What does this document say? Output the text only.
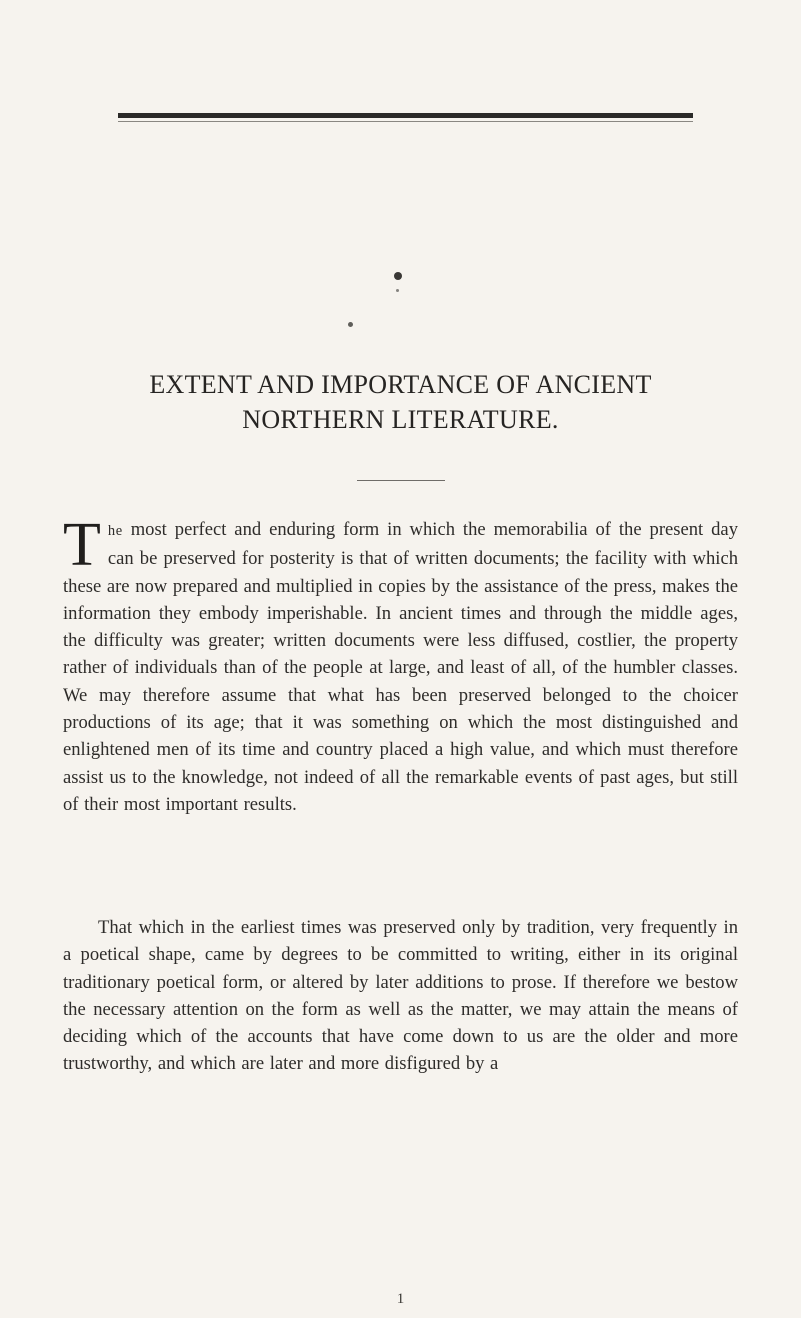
EXTENT AND IMPORTANCE OF ANCIENT
NORTHERN LITERATURE.
The most perfect and enduring form in which the memorabilia of the present day can be preserved for posterity is that of written documents; the facility with which these are now prepared and multiplied in copies by the assistance of the press, makes the information they embody imperishable. In ancient times and through the middle ages, the difficulty was greater; written documents were less diffused, costlier, the property rather of individuals than of the people at large, and least of all, of the humbler classes. We may therefore assume that what has been preserved belonged to the choicer productions of its age; that it was something on which the most distinguished and enlightened men of its time and country placed a high value, and which must therefore assist us to the knowledge, not indeed of all the remarkable events of past ages, but still of their most important results.
That which in the earliest times was preserved only by tradition, very frequently in a poetical shape, came by degrees to be committed to writing, either in its original traditionary poetical form, or altered by later additions to prose. If therefore we bestow the necessary attention on the form as well as the matter, we may attain the means of deciding which of the accounts that have come down to us are the older and more trustworthy, and which are later and more disfigured by a
1
